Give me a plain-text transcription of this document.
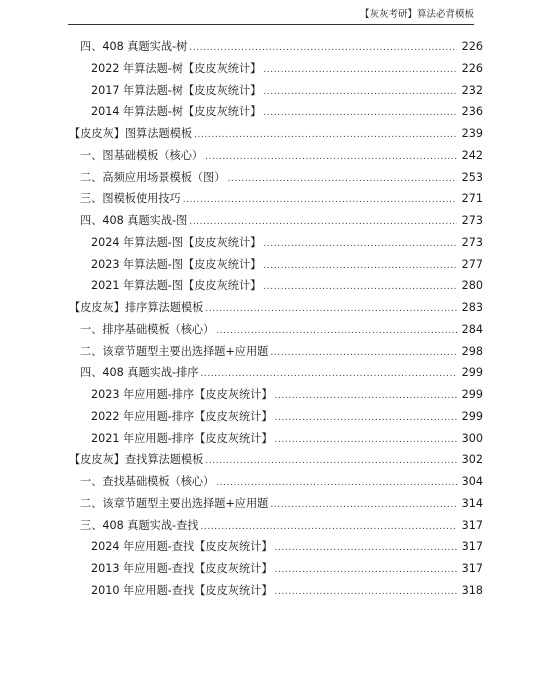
【灰灰考研】算法必背模板
四、408 真题实战-树 .....	226
2022 年算法题-树【皮皮灰统计】 .....	226
2017 年算法题-树【皮皮灰统计】 .....	232
2014 年算法题-树【皮皮灰统计】 .....	236
【皮皮灰】图算法题模板 .....	239
一、图基础模板（核心） .....	242
二、高频应用场景模板（图） .....	253
三、图模板使用技巧 .....	271
四、408 真题实战-图 .....	273
2024 年算法题-图【皮皮灰统计】 .....	273
2023 年算法题-图【皮皮灰统计】 .....	277
2021 年算法题-图【皮皮灰统计】 .....	280
【皮皮灰】排序算法题模板 .....	283
一、排序基础模板（核心） .....	284
二、该章节题型主要出选择题+应用题 .....	298
四、408 真题实战-排序 .....	299
2023 年应用题-排序【皮皮灰统计】 .....	299
2022 年应用题-排序【皮皮灰统计】 .....	299
2021 年应用题-排序【皮皮灰统计】 .....	300
【皮皮灰】查找算法题模板 .....	302
一、查找基础模板（核心） .....	304
二、该章节题型主要出选择题+应用题 .....	314
三、408 真题实战-查找 .....	317
2024 年应用题-查找【皮皮灰统计】 .....	317
2013 年应用题-查找【皮皮灰统计】 .....	317
2010 年应用题-查找【皮皮灰统计】 .....	318
